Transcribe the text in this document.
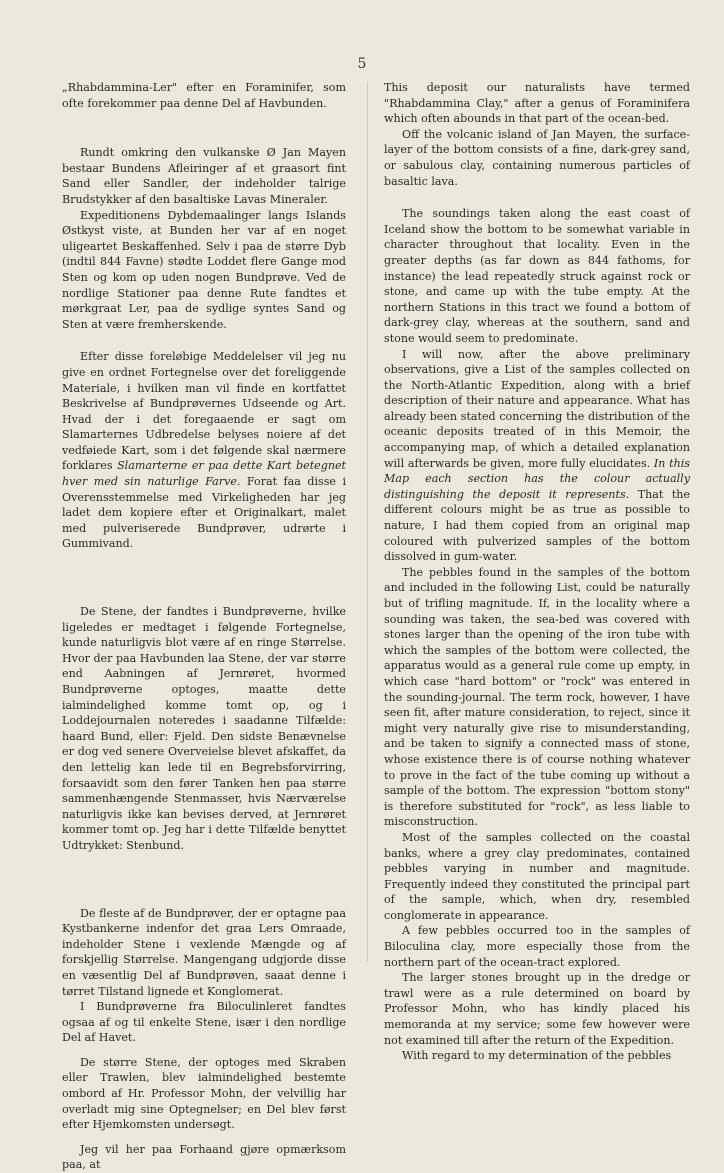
5

„Rhabdammina-Ler" efter en Foraminifer, som ofte forekommer paa denne Del af Havbunden.

Rundt omkring den vulkanske Ø Jan Mayen bestaar Bundens Afleiringer af et graasort fint Sand eller Sandler, der indeholder talrige Brudstykker af den basaltiske Lavas Mineraler.

Expeditionens Dybdemaalinger langs Islands Østkyst viste, at Bunden her var af en noget uligeartet Beskaffenhed. Selv i paa de større Dyb (indtil 844 Favne) stødte Loddet flere Gange mod Sten og kom op uden nogen Bundprøve. Ved de nordlige Stationer paa denne Rute fandtes et mørkgraat Ler, paa de sydlige syntes Sand og Sten at være fremherskende.

Efter disse foreløbige Meddelelser vil jeg nu give en ordnet Fortegnelse over det foreliggende Materiale, i hvilken man vil finde en kortfattet Beskrivelse af Bundprøvernes Udseende og Art. Hvad der i det foregaaende er sagt om Slamarternes Udbredelse belyses noiere af det vedføiede Kart, som i det følgende skal nærmere forklares Slamarterne er paa dette Kart betegnet hver med sin naturlige Farve. Forat faa disse i Overensstemmelse med Virkeligheden har jeg ladet dem kopiere efter et Originalkart, malet med pulveriserede Bundprøver, udrørte i Gummivand.

De Stene, der fandtes i Bundprøverne, hvilke ligeledes er medtaget i følgende Fortegnelse, kunde naturligvis blot være af en ringe Størrelse. Hvor der paa Havbunden laa Stene, der var større end Aabningen af Jernrøret, hvormed Bundprøverne optoges, maatte dette ialmindelighed komme tomt op, og i Loddejournalen noteredes i saadanne Tilfælde: haard Bund, eller: Fjeld. Den sidste Benævnelse er dog ved senere Overveielse blevet afskaffet, da den lettelig kan lede til en Begrebsforvirring, forsaavidt som den fører Tanken hen paa større sammenhængende Stenmasser, hvis Nærværelse naturligvis ikke kan bevises derved, at Jernrøret kommer tomt op. Jeg har i dette Tilfælde benyttet Udtrykket: Stenbund.

De fleste af de Bundprøver, der er optagne paa Kystbankerne indenfor det graa Lers Omraade, indeholder Stene i vexlende Mængde og af forskjellig Størrelse. Mangengang udgjorde disse en væsentlig Del af Bundprøven, saaat denne i tørret Tilstand lignede et Konglomerat.

I Bundprøverne fra Biloculinleret fandtes ogsaa af og til enkelte Stene, især i den nordlige Del af Havet.

De større Stene, der optoges med Skraben eller Trawlen, blev ialmindelighed bestemte ombord af Hr. Professor Mohn, der velvillig har overladt mig sine Optegnelser; en Del blev først efter Hjemkomsten undersøgt.

Jeg vil her paa Forhaand gjøre opmærksom paa, at

This deposit our naturalists have termed "Rhabdammina Clay," after a genus of Foraminifera which often abounds in that part of the ocean-bed.

Off the volcanic island of Jan Mayen, the surface-layer of the bottom consists of a fine, dark-grey sand, or sabulous clay, containing numerous particles of basaltic lava.

The soundings taken along the east coast of Iceland show the bottom to be somewhat variable in character throughout that locality. Even in the greater depths (as far down as 844 fathoms, for instance) the lead repeatedly struck against rock or stone, and came up with the tube empty. At the northern Stations in this tract we found a bottom of dark-grey clay, whereas at the southern, sand and stone would seem to predominate.

I will now, after the above preliminary observations, give a List of the samples collected on the North-Atlantic Expedition, along with a brief description of their nature and appearance. What has already been stated concerning the distribution of the oceanic deposits treated of in this Memoir, the accompanying map, of which a detailed explanation will afterwards be given, more fully elucidates. In this Map each section has the colour actually distinguishing the deposit it represents. That the different colours might be as true as possible to nature, I had them copied from an original map coloured with pulverized samples of the bottom dissolved in gum-water.

The pebbles found in the samples of the bottom and included in the following List, could be naturally but of trifling magnitude. If, in the locality where a sounding was taken, the sea-bed was covered with stones larger than the opening of the iron tube with which the samples of the bottom were collected, the apparatus would as a general rule come up empty, in which case "hard bottom" or "rock" was entered in the sounding-journal. The term rock, however, I have seen fit, after mature consideration, to reject, since it might very naturally give rise to misunderstanding, and be taken to signify a connected mass of stone, whose existence there is of course nothing whatever to prove in the fact of the tube coming up without a sample of the bottom. The expression "bottom stony" is therefore substituted for "rock", as less liable to misconstruction.

Most of the samples collected on the coastal banks, where a grey clay predominates, contained pebbles varying in number and magnitude. Frequently indeed they constituted the principal part of the sample, which, when dry, resembled conglomerate in appearance.

A few pebbles occurred too in the samples of Biloculina clay, more especially those from the northern part of the ocean-tract explored.

The larger stones brought up in the dredge or trawl were as a rule determined on board by Professor Mohn, who has kindly placed his memoranda at my service; some few however were not examined till after the return of the Expedition.

With regard to my determination of the pebbles
